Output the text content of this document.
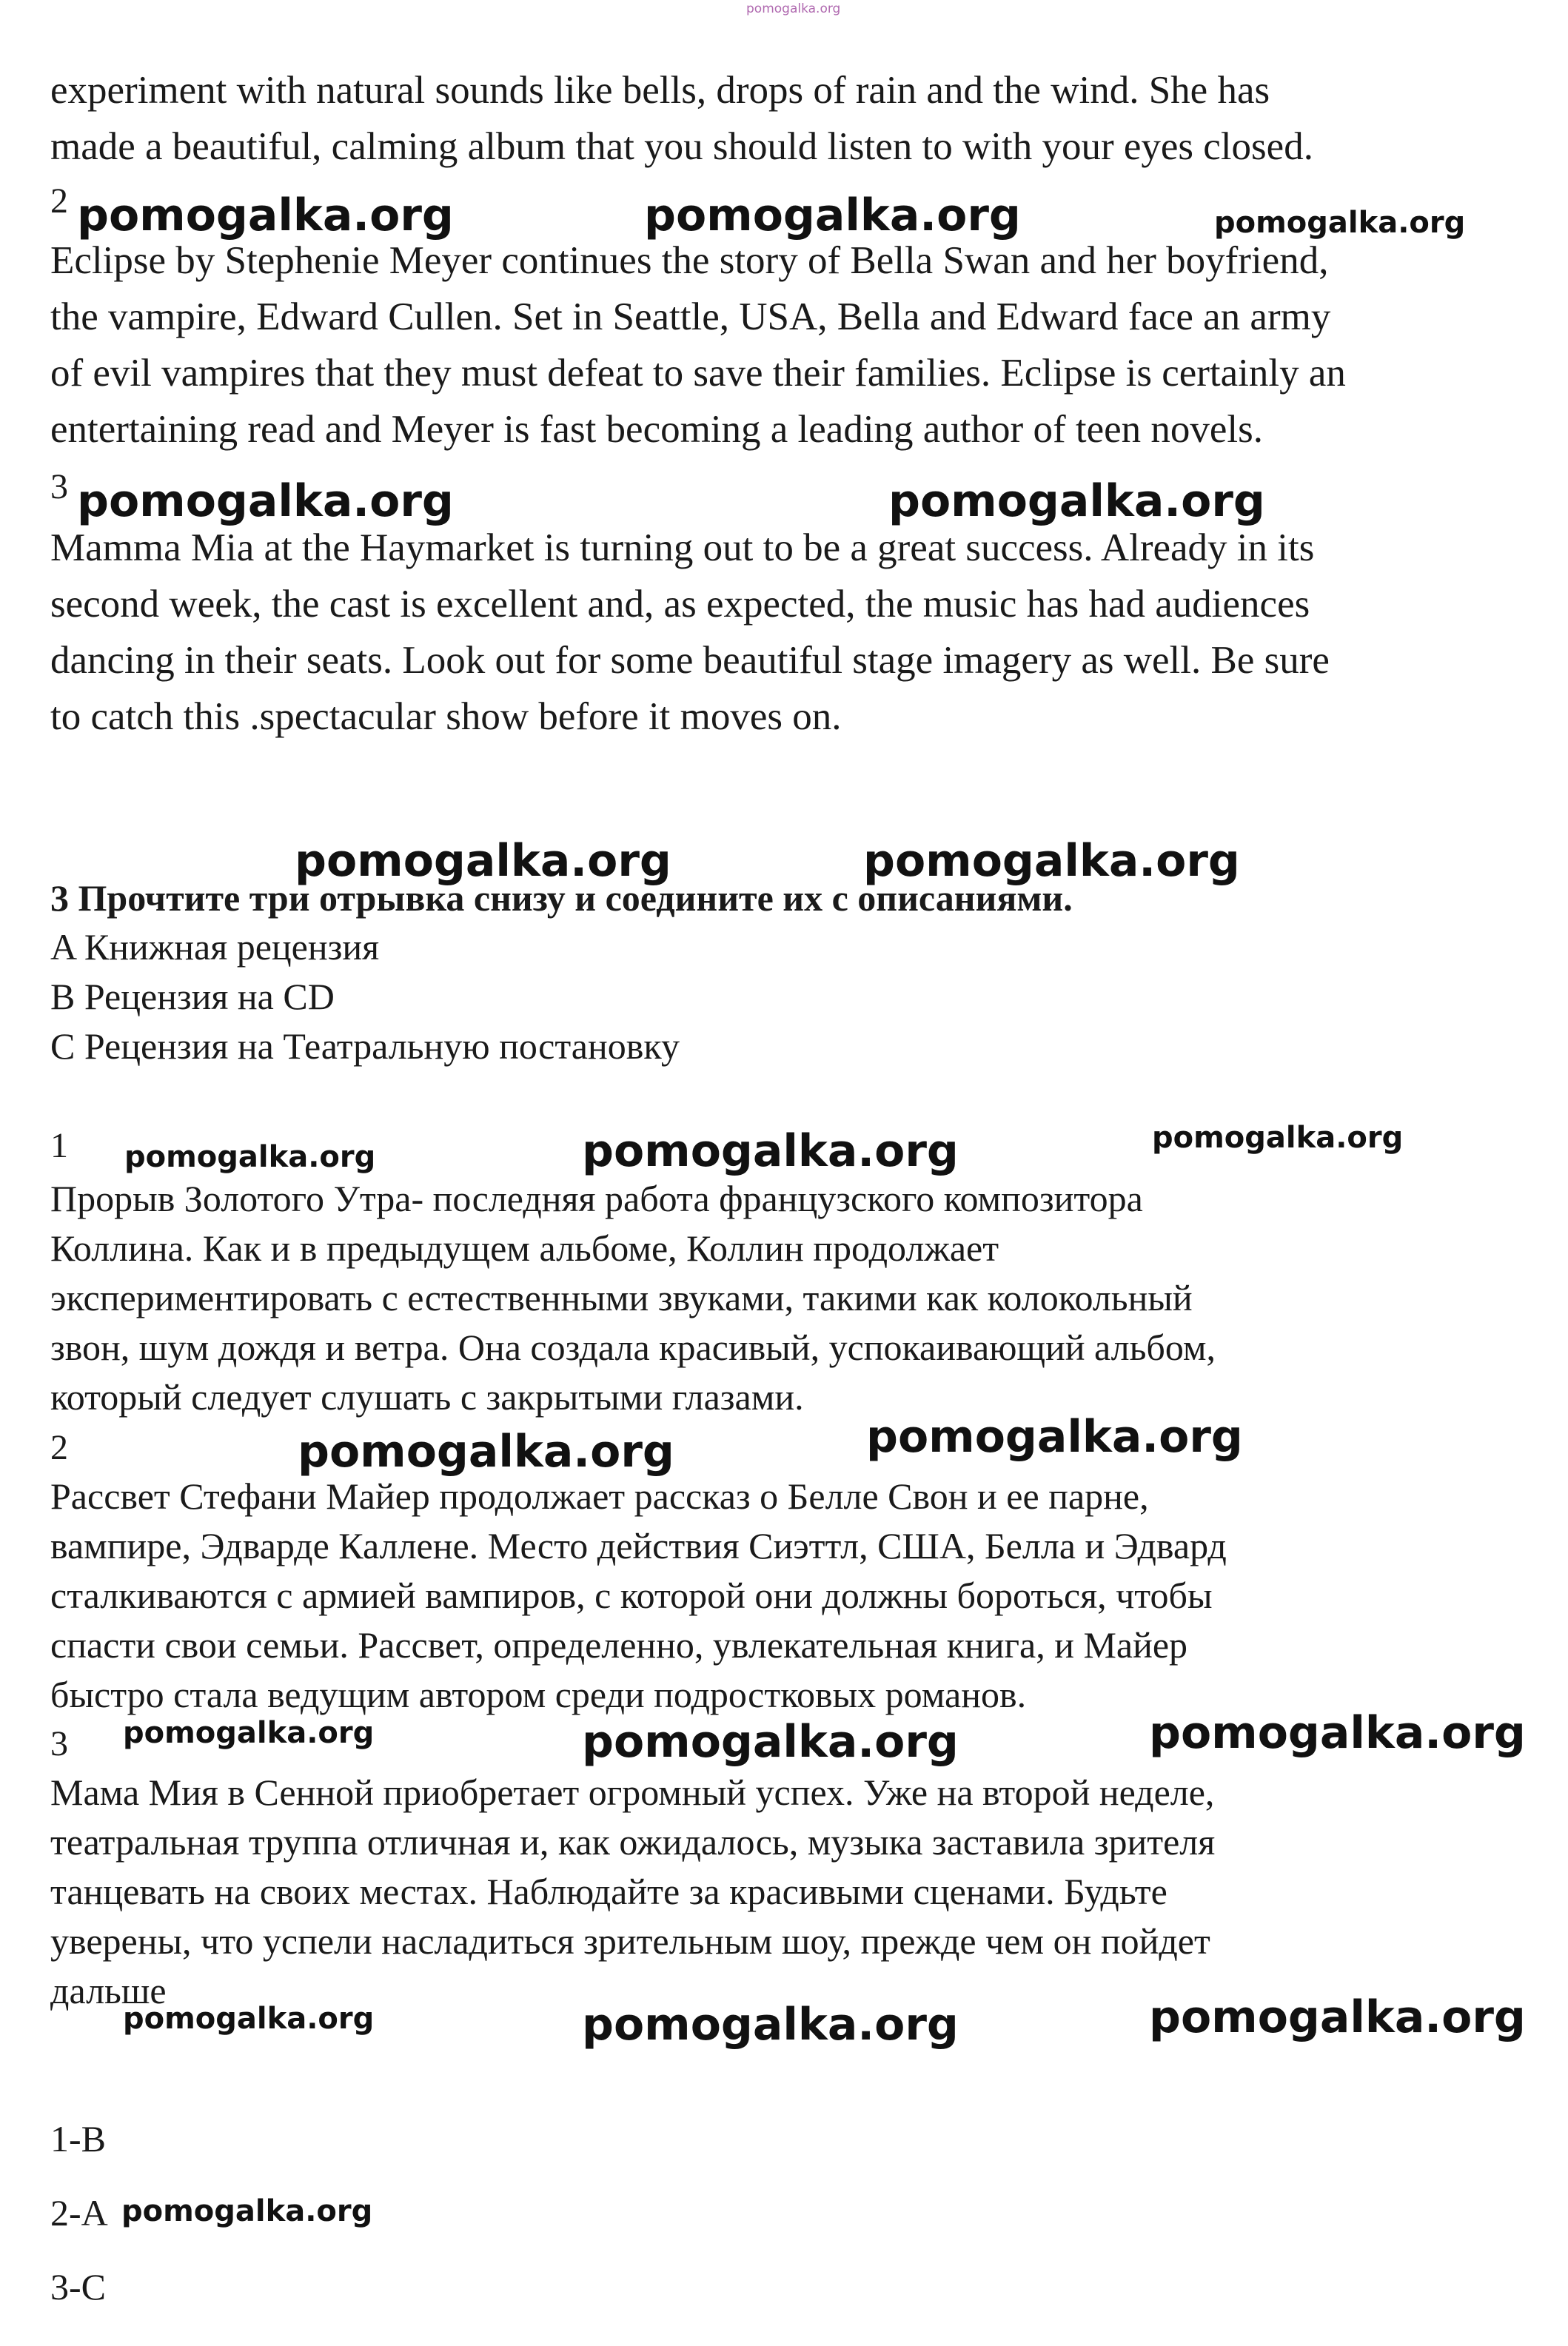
pomogalka.org
experiment with natural sounds like bells, drops of rain and the wind. She has
made a beautiful, calming album that you should listen to with your eyes closed.
2 pomogalka.org	pomogalka.org	pomogalka.org
Eclipse by Stephenie Meyer continues the story of Bella Swan and her boyfriend,
the vampire, Edward Cullen. Set in Seattle, USA, Bella and Edward face an army
of evil vampires that they must defeat to save their families. Eclipse is certainly an
entertaining read and Meyer is fast becoming a leading author of teen novels.
3 pomogalka.org	pomogalka.org
Mamma Mia at the Haymarket is turning out to be a great success. Already in its
second week, the cast is excellent and, as expected, the music has had audiences
dancing in their seats. Look out for some beautiful stage imagery as well. Be sure
to catch this .spectacular show before it moves on.
pomogalka.org	pomogalka.org
3 Прочтите три отрывка снизу и соедините их с описаниями.
A Книжная рецензия
B Рецензия на CD
C Рецензия на Театральную постановку
1 pomogalka.org	pomogalka.org	pomogalka.org
Прорыв Золотого Утра- последняя работа французского композитора
Коллина. Как и в предыдущем альбоме, Коллин продолжает
экспериментировать с естественными звуками, такими как колокольный
звон, шум дождя и ветра. Она создала красивый, успокаивающий альбом,
который следует слушать с закрытыми глазами.
2	pomogalka.org	pomogalka.org
Рассвет Стефани Майер продолжает рассказ о Белле Свон и ее парне,
вампире, Эдварде Каллене. Место действия Сиэттл, США, Белла и Эдвард
сталкиваются с армией вампиров, с которой они должны бороться, чтобы
спасти свои семьи. Рассвет, определенно, увлекательная книга, и Майер
быстро стала ведущим автором среди подростковых романов.
3 pomogalka.org	pomogalka.org	pomogalka.org
Мама Мия в Сенной приобретает огромный успех. Уже на второй неделе,
театральная труппа отличная и, как ожидалось, музыка заставила зрителя
танцевать на своих местах. Наблюдайте за красивыми сценами. Будьте
уверены, что успели насладиться зрительным шоу, прежде чем он пойдет
дальше
pomogalka.org	pomogalka.org	pomogalka.org
1-B
2-A pomogalka.org
3-C
